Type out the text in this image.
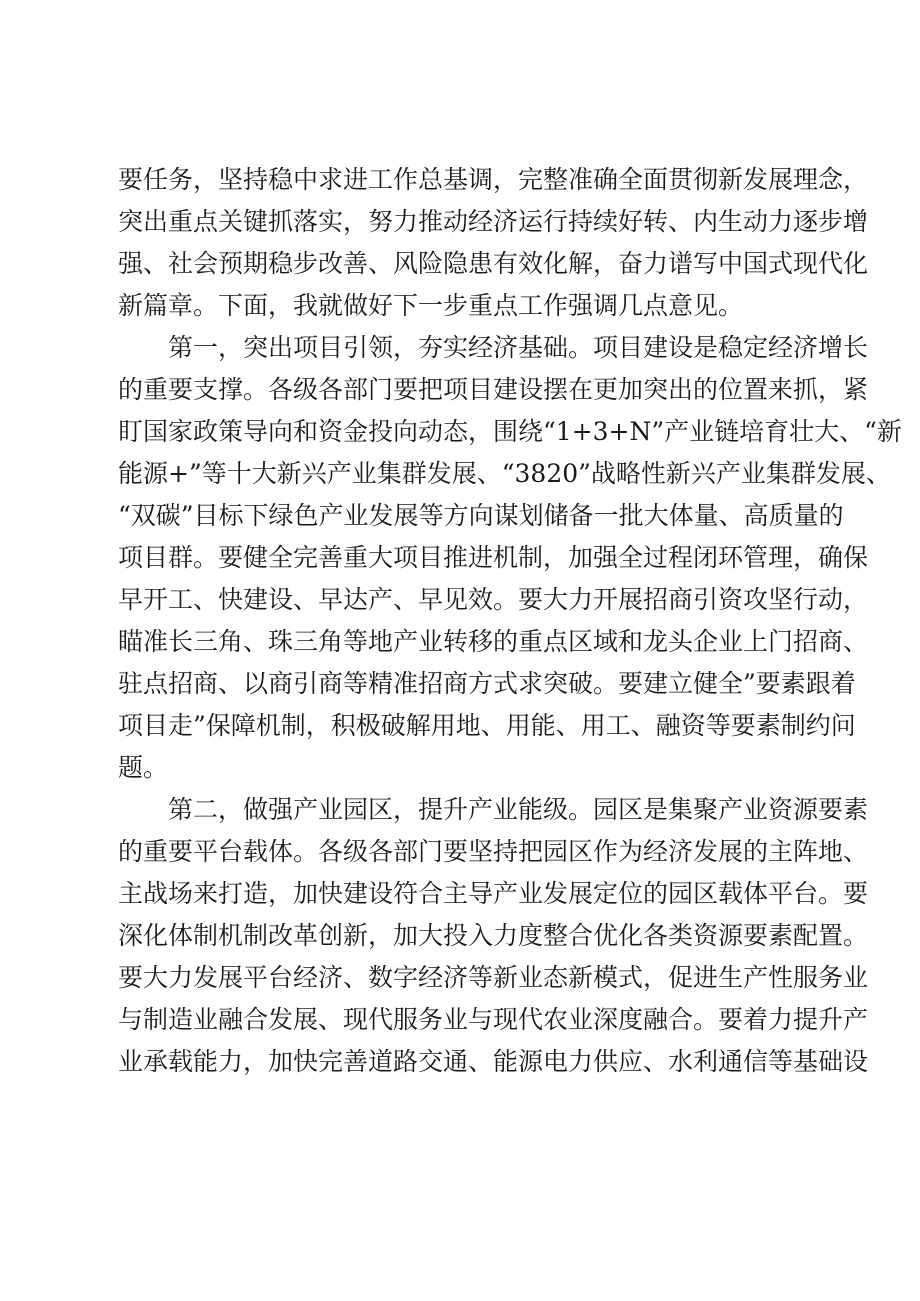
要任务，坚持稳中求进工作总基调，完整准确全面贯彻新发展理念，
突出重点关键抓落实，努力推动经济运行持续好转、内生动力逐步增
强、社会预期稳步改善、风险隐患有效化解，奋力谱写中国式现代化
新篇章。下面，我就做好下一步重点工作强调几点意见。
第一，突出项目引领，夯实经济基础。项目建设是稳定经济增长
的重要支撑。各级各部门要把项目建设摆在更加突出的位置来抓，紧
盯国家政策导向和资金投向动态，围绕“1+3+N”产业链培育壮大、“新
能源+”等十大新兴产业集群发展、“3820”战略性新兴产业集群发展、
“双碳”目标下绿色产业发展等方向谋划储备一批大体量、高质量的
项目群。要健全完善重大项目推进机制，加强全过程闭环管理，确保
早开工、快建设、早达产、早见效。要大力开展招商引资攻坚行动，
瞄准长三角、珠三角等地产业转移的重点区域和龙头企业上门招商、
驻点招商、以商引商等精准招商方式求突破。要建立健全”要素跟着
项目走”保障机制，积极破解用地、用能、用工、融资等要素制约问
题。
第二，做强产业园区，提升产业能级。园区是集聚产业资源要素
的重要平台载体。各级各部门要坚持把园区作为经济发展的主阵地、
主战场来打造，加快建设符合主导产业发展定位的园区载体平台。要
深化体制机制改革创新，加大投入力度整合优化各类资源要素配置。
要大力发展平台经济、数字经济等新业态新模式，促进生产性服务业
与制造业融合发展、现代服务业与现代农业深度融合。要着力提升产
业承载能力，加快完善道路交通、能源电力供应、水利通信等基础设
